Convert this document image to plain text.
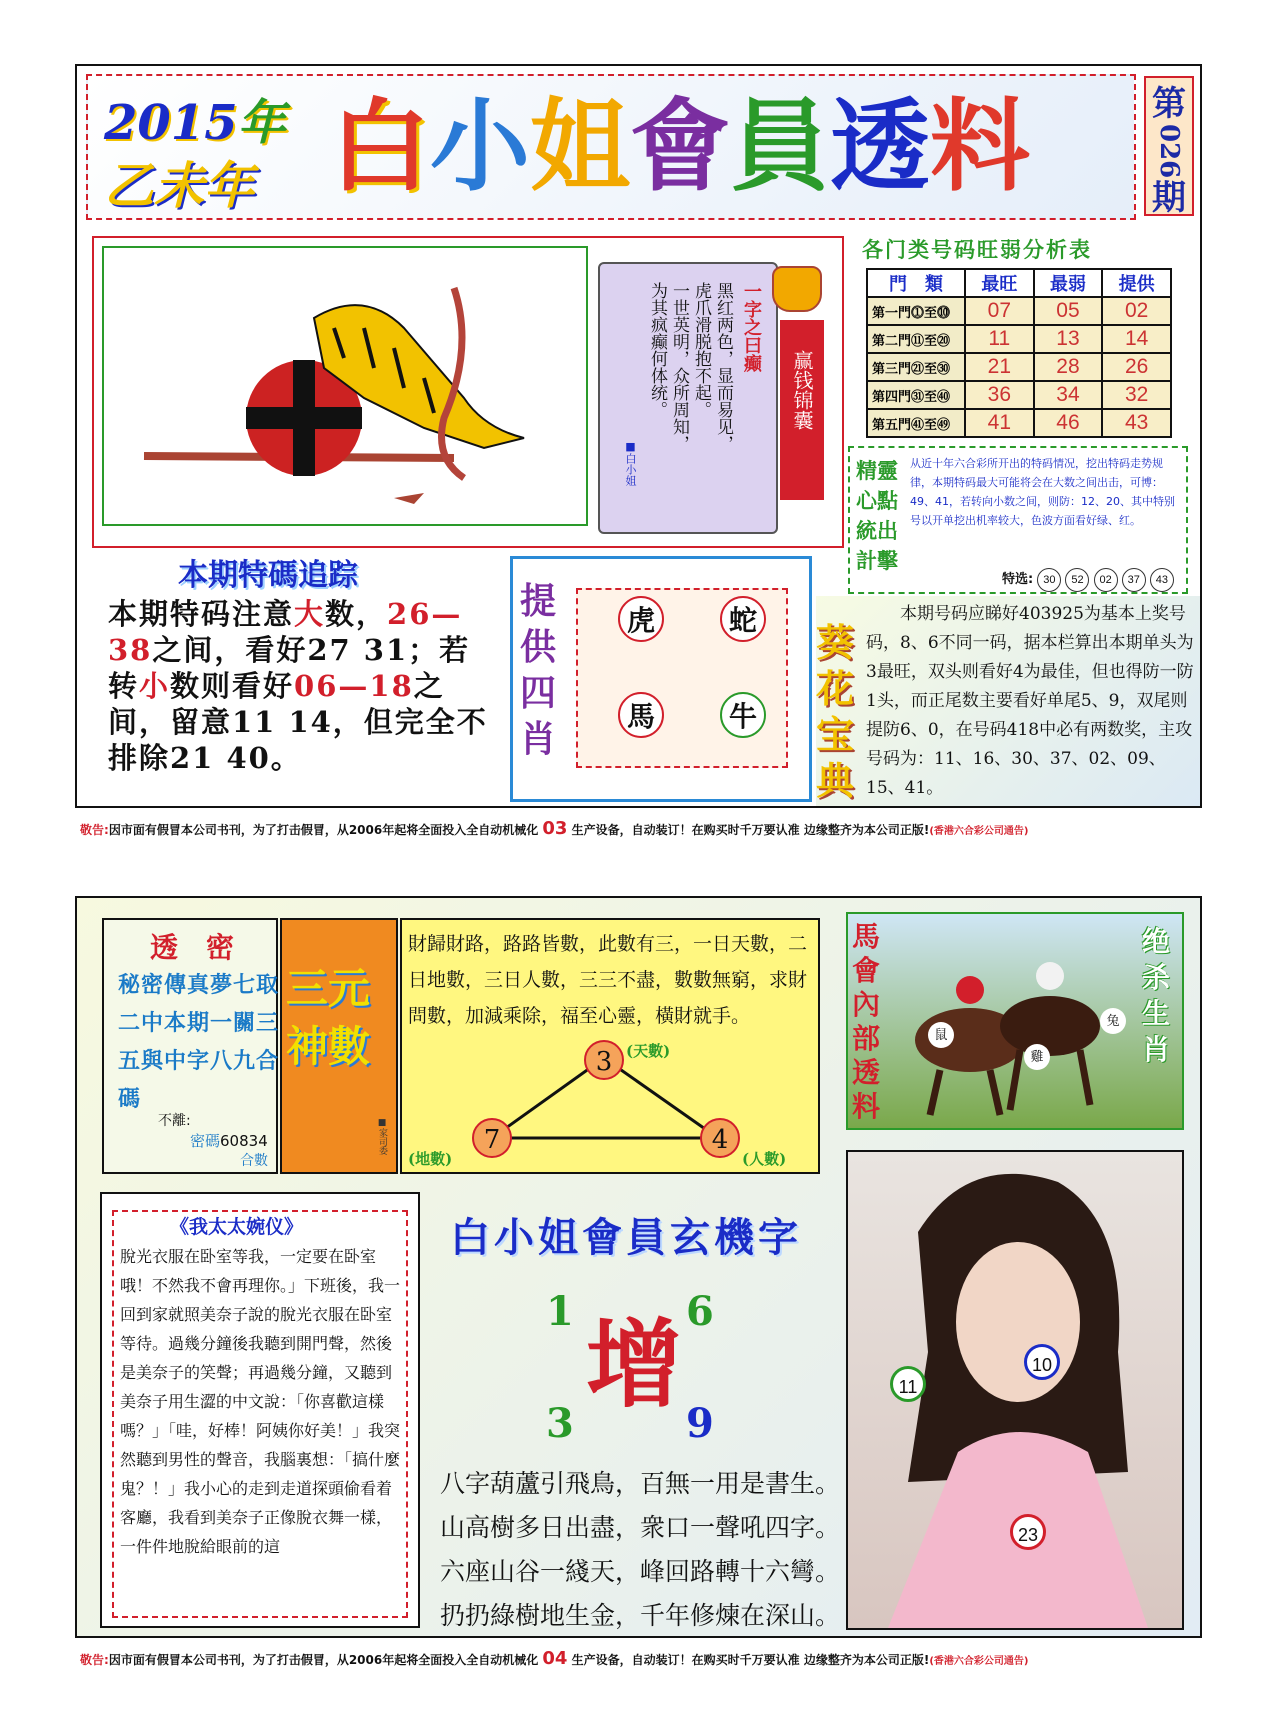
2015年
乙未年 白小姐會員透料	第
026
期
一字之曰癫
黑红两色，显而易见，
虎爪滑脱抱不起。
一世英明，众所周知，
为其疯癫何体统。
■白小姐
赢钱锦囊
各门类号码旺弱分析表
門　類	最旺	最弱	提供
第一門⓵至⓾	07	05	02
第二門⑪至⑳	11	13	14
第三門㉑至㉚	21	28	26
第四門㉛至㊵	36	34	32
第五門㊶至㊾	41	46	43
精靈心點統出計擊
从近十年六合彩所开出的特码情况，挖出特码走势规律，本期特码最大可能将会在大数之间出击，可博：49、41，若转向小数之间，则防：12、20、其中特别号以开单挖出机率较大，色波方面看好绿、红。
特选: 30 52 02 37 43
本期特碼追踪
本期特码注意大数，26—38之间，看好27 31；若转小数则看好06—18之间，留意11 14，但完全不排除21 40。
提供四肖
虎	蛇
馬	牛
葵花宝典
本期号码应睇好403925为基本上奖号码，8、6不同一码，据本栏算出本期单头为3最旺，双头则看好4为最佳，但也得防一防1头，而正尾数主要看好单尾5、9，双尾则提防6、0，在号码418中必有两数奖，主攻号码为：11、16、30、37、02、09、15、41。
敬告:因市面有假冒本公司书刊，为了打击假冒，从2006年起将全面投入全自动机械化 03 生产设备，自动装订！在购买时千万要认准 边缘整齐为本公司正版!(香港六合彩公司通告)
透　密
秘密傳真夢七取
二中本期一關三
五與中字八九合
碼
不離:
密碼60834
合數
三元神數
■家司委
財歸財路，路路皆數，此數有三，一日天數，二日地數，三日人數，三三不盡，數數無窮，求財問數，加減乘除，福至心靈，橫財就手。
3 (天數)
7
(地數)
4
(人數)
馬會內部透料
绝杀生肖
鼠
雞
兔
《我太太婉仪》
脫光衣服在卧室等我，一定要在卧室哦！不然我不會再理你。」下班後，我一回到家就照美奈子說的脫光衣服在卧室等待。過幾分鐘後我聽到開門聲，然後是美奈子的笑聲；再過幾分鐘，又聽到美奈子用生澀的中文說：「你喜歡這樣嗎？」「哇，好棒！阿姨你好美！」我突然聽到男性的聲音，我腦裏想：「搞什麼鬼？！」我小心的走到走道探頭偷看着客廳，我看到美奈子正像脫衣舞一樣，一件件地脫給眼前的這
白小姐會員玄機字
增
1	6
3	9
八字葫蘆引飛鳥，百無一用是書生。
山高樹多日出盡，衆口一聲吼四字。
六座山谷一綫天，峰回路轉十六彎。
扔扔綠樹地生金，千年修煉在深山。
11
10
23
敬告:因市面有假冒本公司书刊，为了打击假冒，从2006年起将全面投入全自动机械化 04 生产设备，自动装订！在购买时千万要认准 边缘整齐为本公司正版!(香港六合彩公司通告)
